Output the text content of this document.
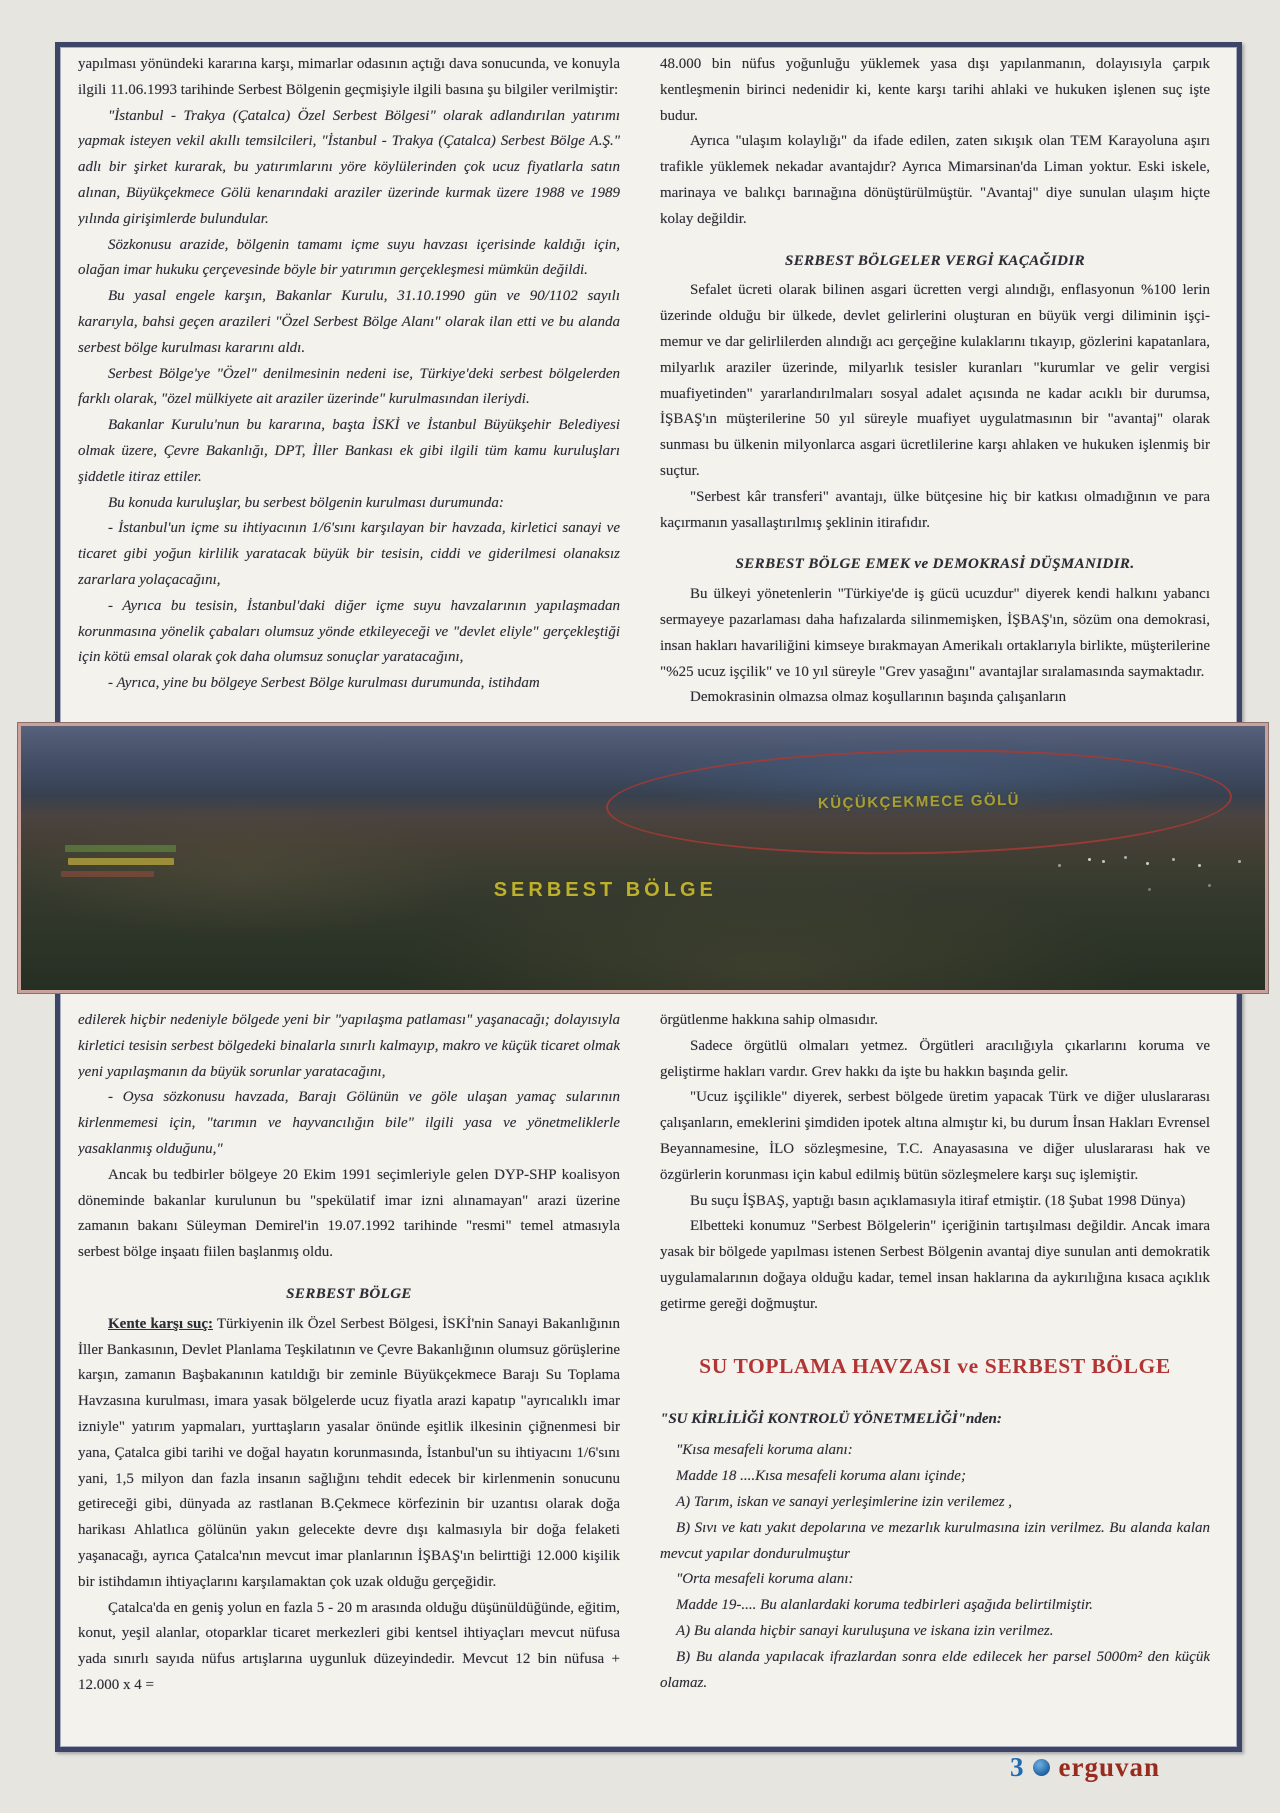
yapılması yönündeki kararına karşı, mimarlar odasının açtığı dava sonucunda, ve konuyla ilgili 11.06.1993 tarihinde Serbest Bölgenin geçmişiyle ilgili basına şu bilgiler verilmiştir:

"İstanbul - Trakya (Çatalca) Özel Serbest Bölgesi" olarak adlandırılan yatırımı yapmak isteyen vekil akıllı temsilcileri, "İstanbul - Trakya (Çatalca) Serbest Bölge A.Ş." adlı bir şirket kurarak, bu yatırımlarını yöre köylülerinden çok ucuz fiyatlarla satın alınan, Büyükçekmece Gölü kenarındaki araziler üzerinde kurmak üzere 1988 ve 1989 yılında girişimlerde bulundular.

Sözkonusu arazide, bölgenin tamamı içme suyu havzası içerisinde kaldığı için, olağan imar hukuku çerçevesinde böyle bir yatırımın gerçekleşmesi mümkün değildi.

Bu yasal engele karşın, Bakanlar Kurulu, 31.10.1990 gün ve 90/1102 sayılı kararıyla, bahsi geçen arazileri "Özel Serbest Bölge Alanı" olarak ilan etti ve bu alanda serbest bölge kurulması kararını aldı.

Serbest Bölge'ye "Özel" denilmesinin nedeni ise, Türkiye'deki serbest bölgelerden farklı olarak, "özel mülkiyete ait araziler üzerinde" kurulmasından ileriydi.

Bakanlar Kurulu'nun bu kararına, başta İSKİ ve İstanbul Büyükşehir Belediyesi olmak üzere, Çevre Bakanlığı, DPT, İller Bankası ek gibi ilgili tüm kamu kuruluşları şiddetle itiraz ettiler.

Bu konuda kuruluşlar, bu serbest bölgenin kurulması durumunda:

- İstanbul'un içme su ihtiyacının 1/6'sını karşılayan bir havzada, kirletici sanayi ve ticaret gibi yoğun kirlilik yaratacak büyük bir tesisin, ciddi ve giderilmesi olanaksız zararlara yolaçacağını,

- Ayrıca bu tesisin, İstanbul'daki diğer içme suyu havzalarının yapılaşmadan korunmasına yönelik çabaları olumsuz yönde etkileyeceği ve "devlet eliyle" gerçekleştiği için kötü emsal olarak çok daha olumsuz sonuçlar yaratacağını,

- Ayrıca, yine bu bölgeye Serbest Bölge kurulması durumunda, istihdam

48.000 bin nüfus yoğunluğu yüklemek yasa dışı yapılanmanın, dolayısıyla çarpık kentleşmenin birinci nedenidir ki, kente karşı tarihi ahlaki ve hukuken işlenen suç işte budur.

Ayrıca "ulaşım kolaylığı" da ifade edilen, zaten sıkışık olan TEM Karayoluna aşırı trafikle yüklemek nekadar avantajdır? Ayrıca Mimarsinan'da Liman yoktur. Eski iskele, marinaya ve balıkçı barınağına dönüştürülmüştür. "Avantaj" diye sunulan ulaşım hiçte kolay değildir.

SERBEST BÖLGELER VERGİ KAÇAĞIDIR

Sefalet ücreti olarak bilinen asgari ücretten vergi alındığı, enflasyonun %100 lerin üzerinde olduğu bir ülkede, devlet gelirlerini oluşturan en büyük vergi diliminin işçi-memur ve dar gelirlilerden alındığı acı gerçeğine kulaklarını tıkayıp, gözlerini kapatanlara, milyarlık araziler üzerinde, milyarlık tesisler kuranları "kurumlar ve gelir vergisi muafiyetinden" yararlandırılmaları sosyal adalet açısında ne kadar acıklı bir durumsa, İŞBAŞ'ın müşterilerine 50 yıl süreyle muafiyet uygulatmasının bir "avantaj" olarak sunması bu ülkenin milyonlarca asgari ücretlilerine karşı ahlaken ve hukuken işlenmiş bir suçtur.

"Serbest kâr transferi" avantajı, ülke bütçesine hiç bir katkısı olmadığının ve para kaçırmanın yasallaştırılmış şeklinin itirafıdır.

SERBEST BÖLGE EMEK ve DEMOKRASİ DÜŞMANIDIR.

Bu ülkeyi yönetenlerin "Türkiye'de iş gücü ucuzdur" diyerek kendi halkını yabancı sermayeye pazarlaması daha hafızalarda silinmemişken, İŞBAŞ'ın, sözüm ona demokrasi, insan hakları havariliğini kimseye bırakmayan Amerikalı ortaklarıyla birlikte, müşterilerine "%25 ucuz işçilik" ve 10 yıl süreyle "Grev yasağını" avantajlar sıralamasında saymaktadır.

Demokrasinin olmazsa olmaz koşullarının başında çalışanların

KÜÇÜKÇEKMECE GÖLÜ
SERBEST BÖLGE

edilerek hiçbir nedeniyle bölgede yeni bir "yapılaşma patlaması" yaşanacağı; dolayısıyla kirletici tesisin serbest bölgedeki binalarla sınırlı kalmayıp, makro ve küçük ticaret olmak yeni yapılaşmanın da büyük sorunlar yaratacağını,

- Oysa sözkonusu havzada, Barajı Gölünün ve göle ulaşan yamaç sularının kirlenmemesi için, "tarımın ve hayvancılığın bile" ilgili yasa ve yönetmeliklerle yasaklanmış olduğunu,"

Ancak bu tedbirler bölgeye 20 Ekim 1991 seçimleriyle gelen DYP-SHP koalisyon döneminde bakanlar kurulunun bu "spekülatif imar izni alınamayan" arazi üzerine zamanın bakanı Süleyman Demirel'in 19.07.1992 tarihinde "resmi" temel atmasıyla serbest bölge inşaatı fiilen başlanmış oldu.

SERBEST BÖLGE

Kente karşı suç: Türkiyenin ilk Özel Serbest Bölgesi, İSKİ'nin Sanayi Bakanlığının İller Bankasının, Devlet Planlama Teşkilatının ve Çevre Bakanlığının olumsuz görüşlerine karşın, zamanın Başbakanının katıldığı bir zeminle Büyükçekmece Barajı Su Toplama Havzasına kurulması, imara yasak bölgelerde ucuz fiyatla arazi kapatıp "ayrıcalıklı imar izniyle" yatırım yapmaları, yurttaşların yasalar önünde eşitlik ilkesinin çiğnenmesi bir yana, Çatalca gibi tarihi ve doğal hayatın korunmasında, İstanbul'un su ihtiyacını 1/6'sını yani, 1,5 milyon dan fazla insanın sağlığını tehdit edecek bir kirlenmenin sonucunu getireceği gibi, dünyada az rastlanan B.Çekmece körfezinin bir uzantısı olarak doğa harikası Ahlatlıca gölünün yakın gelecekte devre dışı kalmasıyla bir doğa felaketi yaşanacağı, ayrıca Çatalca'nın mevcut imar planlarının İŞBAŞ'ın belirttiği 12.000 kişilik bir istihdamın ihtiyaçlarını karşılamaktan çok uzak olduğu gerçeğidir.

Çatalca'da en geniş yolun en fazla 5 - 20 m arasında olduğu düşünüldüğünde, eğitim, konut, yeşil alanlar, otoparklar ticaret merkezleri gibi kentsel ihtiyaçları mevcut nüfusa yada sınırlı sayıda nüfus artışlarına uygunluk düzeyindedir. Mevcut 12 bin nüfusa + 12.000 x 4 =

örgütlenme hakkına sahip olmasıdır.

Sadece örgütlü olmaları yetmez. Örgütleri aracılığıyla çıkarlarını koruma ve geliştirme hakları vardır. Grev hakkı da işte bu hakkın başında gelir.

"Ucuz işçilikle" diyerek, serbest bölgede üretim yapacak Türk ve diğer uluslararası çalışanların, emeklerini şimdiden ipotek altına almıştır ki, bu durum İnsan Hakları Evrensel Beyannamesine, İLO sözleşmesine, T.C. Anayasasına ve diğer uluslararası hak ve özgürlerin korunması için kabul edilmiş bütün sözleşmelere karşı suç işlemiştir.

Bu suçu İŞBAŞ, yaptığı basın açıklamasıyla itiraf etmiştir. (18 Şubat 1998 Dünya)

Elbetteki konumuz "Serbest Bölgelerin" içeriğinin tartışılması değildir. Ancak imara yasak bir bölgede yapılması istenen Serbest Bölgenin avantaj diye sunulan anti demokratik uygulamalarının doğaya olduğu kadar, temel insan haklarına da aykırılığına kısaca açıklık getirme gereği doğmuştur.

SU TOPLAMA HAVZASI ve SERBEST BÖLGE

"SU KİRLİLİĞİ KONTROLÜ YÖNETMELİĞİ"nden:

"Kısa mesafeli koruma alanı:

Madde 18 ....Kısa mesafeli koruma alanı içinde;

A) Tarım, iskan ve sanayi yerleşimlerine izin verilemez ,

B) Sıvı ve katı yakıt depolarına ve mezarlık kurulmasına izin verilmez. Bu alanda kalan mevcut yapılar dondurulmuştur

"Orta mesafeli koruma alanı:

Madde 19-.... Bu alanlardaki koruma tedbirleri aşağıda belirtilmiştir.

A) Bu alanda hiçbir sanayi kuruluşuna ve iskana izin verilmez.

B) Bu alanda yapılacak ifrazlardan sonra elde edilecek her parsel 5000m² den küçük olamaz.

3 erguvan
